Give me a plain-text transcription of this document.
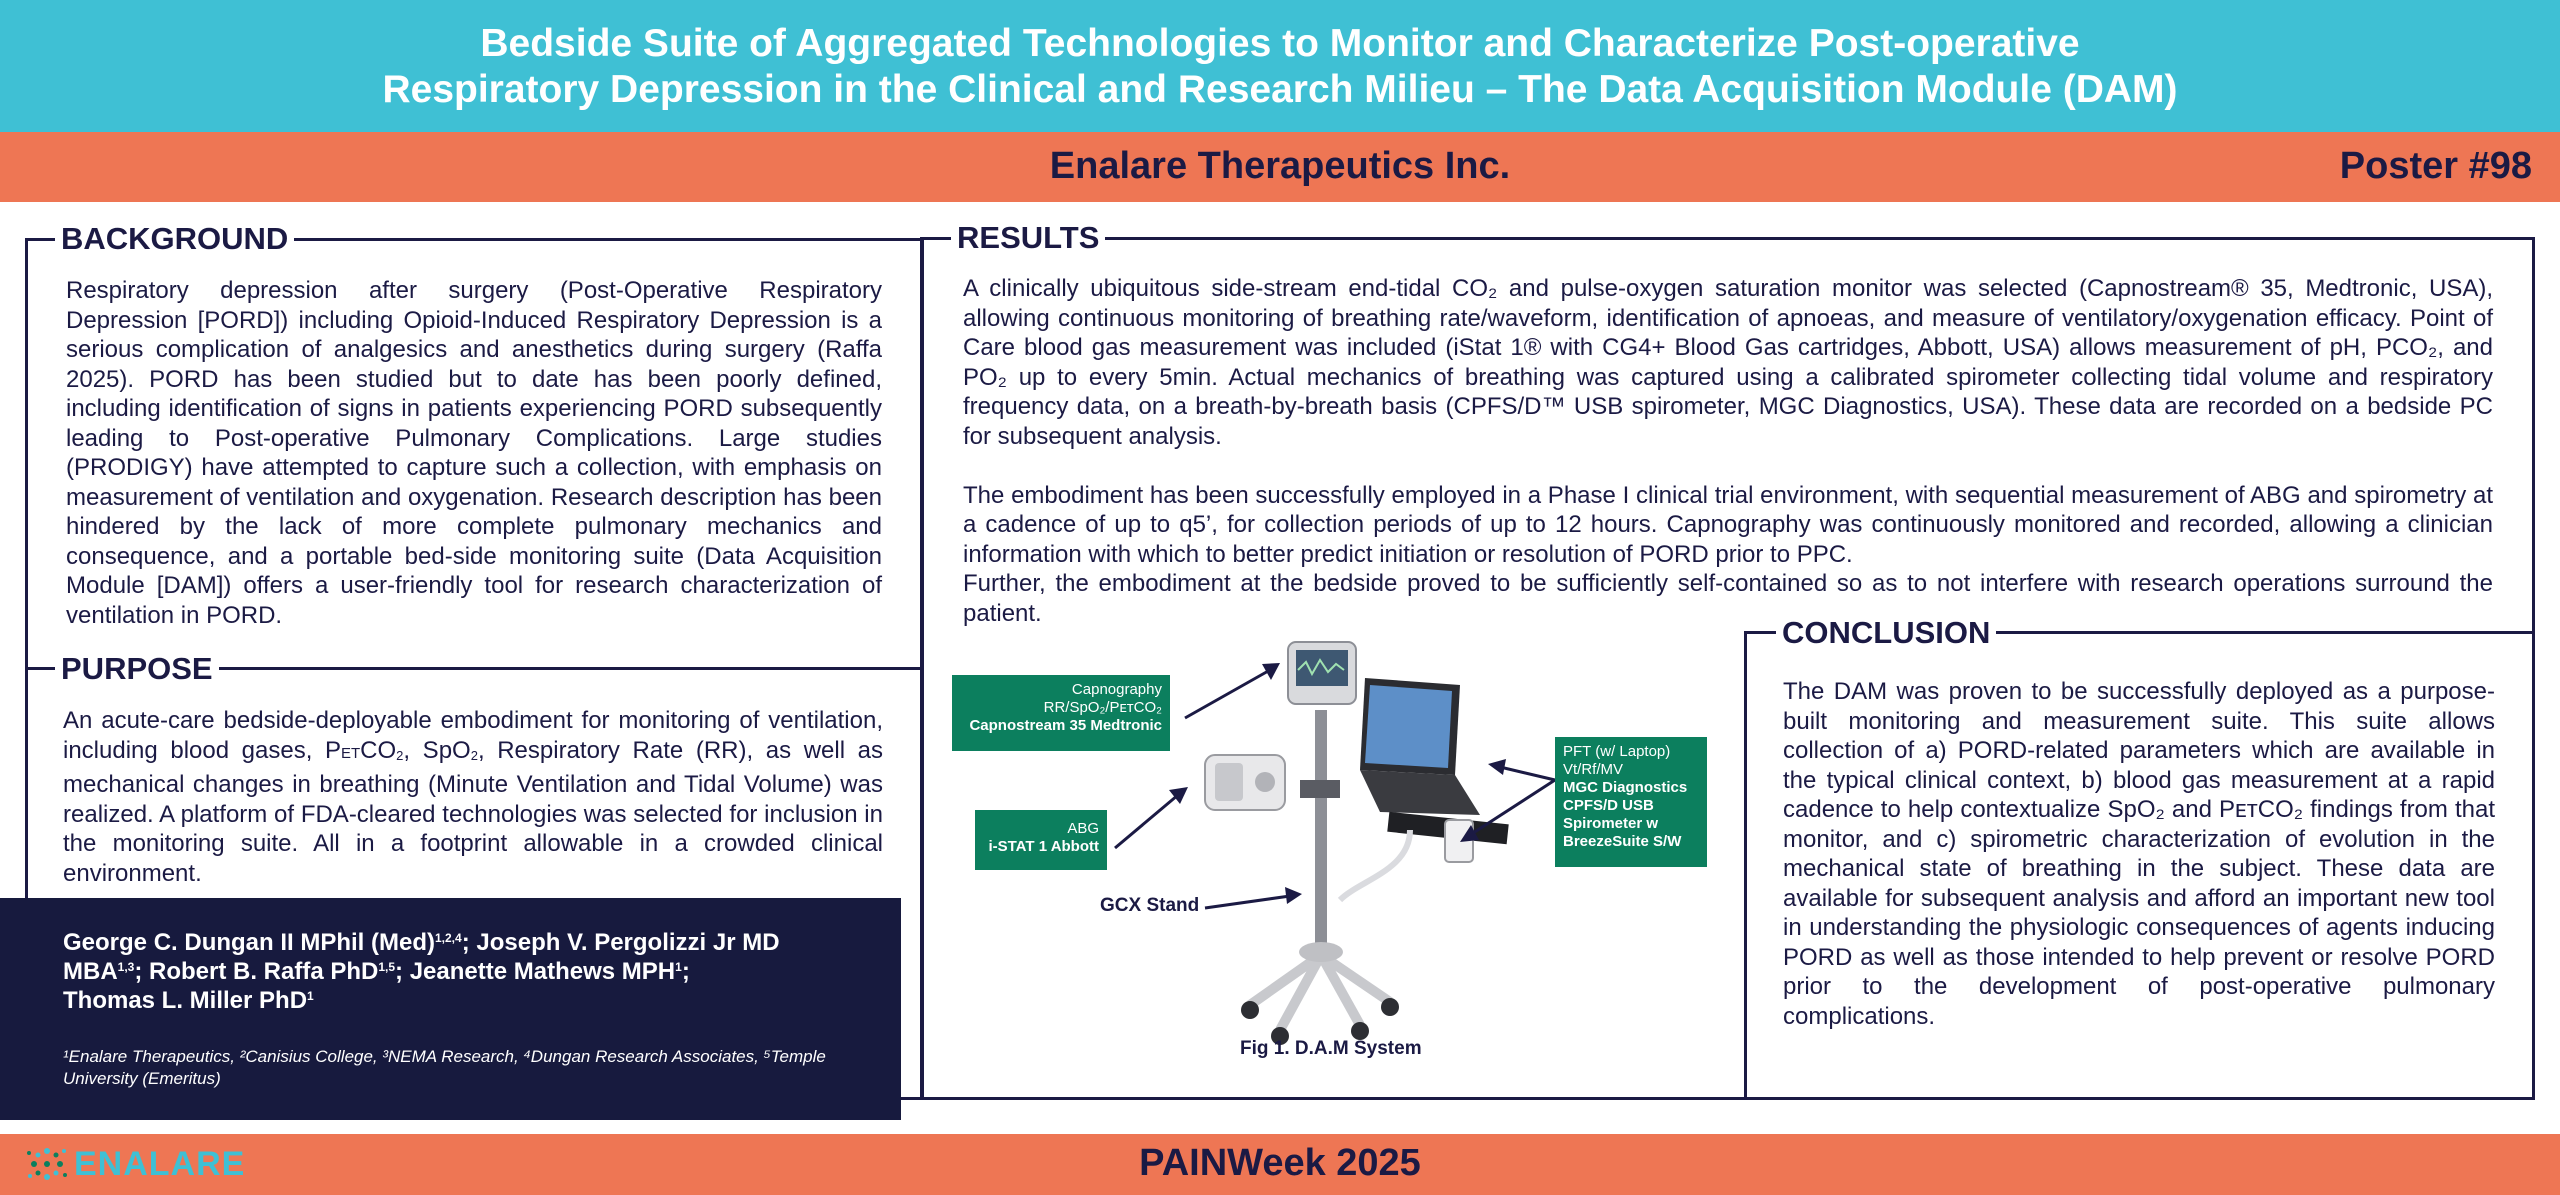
Bedside Suite of Aggregated Technologies to Monitor and Characterize Post-operative
Respiratory Depression in the Clinical and Research Milieu – The Data Acquisition Module (DAM)
Enalare Therapeutics Inc.	Poster #98
BACKGROUND

Respiratory depression after surgery (Post-Operative Respiratory Depression [PORD]) including Opioid-Induced Respiratory Depression is a serious complication of analgesics and anesthetics during surgery (Raffa 2025). PORD has been studied but to date has been poorly defined, including identification of signs in patients experiencing PORD subsequently leading to Post-operative Pulmonary Complications. Large studies (PRODIGY) have attempted to capture such a collection, with emphasis on measurement of ventilation and oxygenation. Research description has been hindered by the lack of more complete pulmonary mechanics and consequence, and a portable bed-side monitoring suite (Data Acquisition Module [DAM]) offers a user-friendly tool for research characterization of ventilation in PORD.

PURPOSE

An acute-care bedside-deployable embodiment for monitoring of ventilation, including blood gases, $PETCO_2$, SpO$_2$, Respiratory Rate (RR), as well as mechanical changes in breathing (Minute Ventilation and Tidal Volume) was realized. A platform of FDA-cleared technologies was selected for inclusion in the monitoring suite. All in a footprint allowable in a crowded clinical environment.

George C. Dungan II MPhil (Med)$^{1,2,4}$; Joseph V. Pergolizzi Jr MD
MBA$^{1,3}$; Robert B. Raffa PhD$^{1,5}$; Jeanette Mathews MPH$^1$;
Thomas L. Miller PhD$^1$
¹Enalare Therapeutics, ²Canisius College, ³NEMA Research, ⁴Dungan Research Associates, ⁵Temple University (Emeritus)
RESULTS

A clinically ubiquitous side-stream end-tidal CO₂ and pulse-oxygen saturation monitor was selected (Capnostream® 35, Medtronic, USA), allowing continuous monitoring of breathing rate/waveform, identification of apnoeas, and measure of ventilatory/oxygenation efficacy. Point of Care blood gas measurement was included (iStat 1® with CG4+ Blood Gas cartridges, Abbott, USA) allows measurement of pH, PCO₂, and PO₂ up to every 5min. Actual mechanics of breathing was captured using a calibrated spirometer collecting tidal volume and respiratory frequency data, on a breath-by-breath basis (CPFS/D™ USB spirometer, MGC Diagnostics, USA). These data are recorded on a bedside PC for subsequent analysis.

The embodiment has been successfully employed in a Phase I clinical trial environment, with sequential measurement of ABG and spirometry at a cadence of up to q5’, for collection periods of up to 12 hours. Capnography was continuously monitored and recorded, allowing a clinician information with which to better predict initiation or resolution of PORD prior to PPC.

Further, the embodiment at the bedside proved to be sufficiently self-contained so as to not interfere with research operations surround the patient.

Capnography
RR/SpO₂/PᴇᴛCO₂
Capnostream 35 Medtronic
ABG
i-STAT 1 Abbott
PFT (w/ Laptop)
Vt/Rf/MV
MGC Diagnostics
CPFS/D USB
Spirometer w
BreezeSuite S/W
GCX Stand
Fig 1. D.A.M System
CONCLUSION

The DAM was proven to be successfully deployed as a purpose-built monitoring and measurement suite. This suite allows collection of a) PORD-related parameters which are available in the typical clinical context, b) blood gas measurement at a rapid cadence to help contextualize SpO₂ and PᴇᴛCO₂ findings from that monitor, and c) spirometric characterization of evolution in the mechanical state of breathing in the subject. These data are available for subsequent analysis and afford an important new tool in understanding the physiologic consequences of agents inducing PORD as well as those intended to help prevent or resolve PORD prior to the development of post-operative pulmonary complications.

PAINWeek 2025
ENALARE
